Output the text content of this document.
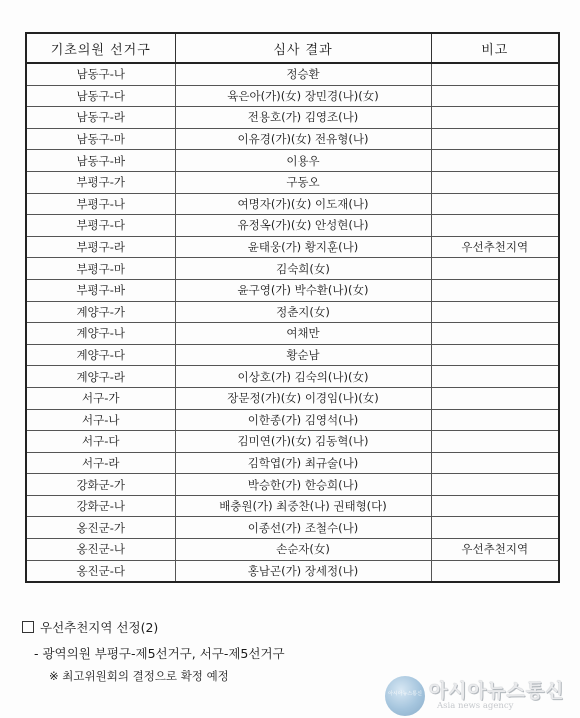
기초의원 선거구	심사 결과	비고
남동구-나	정승환	
남동구-다	육은아(가)(女) 장민경(나)(女)	
남동구-라	전용호(가) 김영조(나)	
남동구-마	이유경(가)(女) 전유형(나)	
남동구-바	이용우	
부평구-가	구동오	
부평구-나	여명자(가)(女) 이도재(나)	
부평구-다	유정옥(가)(女) 안성현(나)	
부평구-라	윤태웅(가) 황지훈(나)	우선추천지역
부평구-마	김숙희(女)	
부평구-바	윤구영(가) 박수환(나)(女)	
계양구-가	정춘지(女)	
계양구-나	여채만	
계양구-다	황순남	
계양구-라	이상호(가) 김숙의(나)(女)	
서구-가	장문정(가)(女) 이경임(나)(女)	
서구-나	이한종(가) 김영석(나)	
서구-다	김미연(가)(女) 김동혁(나)	
서구-라	김학엽(가) 최규술(나)	
강화군-가	박승한(가) 한승희(나)	
강화군-나	배충원(가) 최중찬(나) 권태형(다)	
옹진군-가	이종선(가) 조철수(나)	
옹진군-나	손순자(女)	우선추천지역
옹진군-다	홍남곤(가) 장세정(나)	
우선추천지역 선정(2)
- 광역의원 부평구-제5선거구, 서구-제5선거구
※ 최고위원회의 결정으로 확정 예정
아시아뉴스통신 아시아뉴스통신
Asia news agency
